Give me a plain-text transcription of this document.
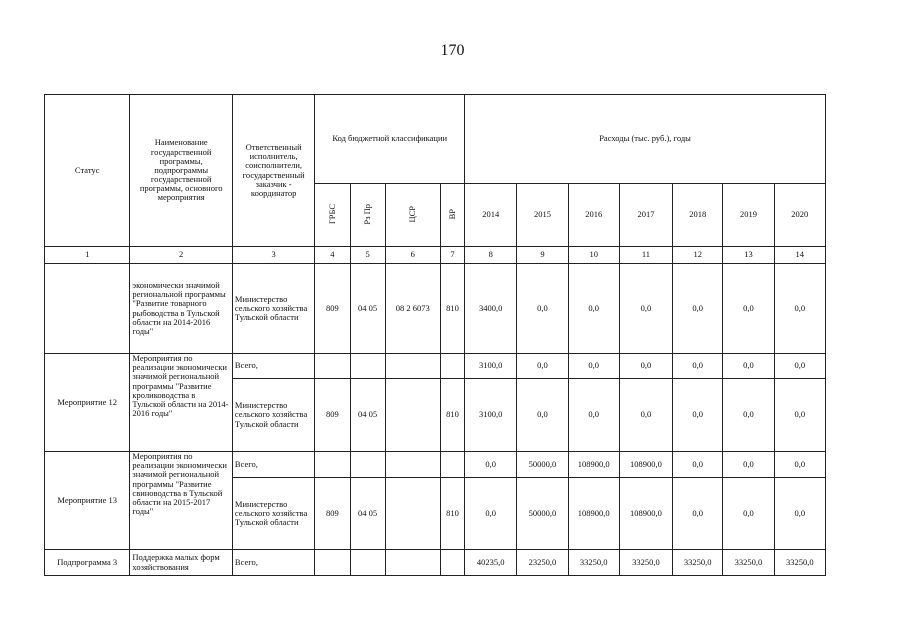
170
Статус	Наименование государственной программы, подпрограммы государственной программы, основного мероприятия	Ответственный исполнитель, соисполнители, государственный заказчик - координатор	Код бюджетной классификации				Расходы (тыс. руб.), годы						
			ГРБС	Рз Пр	ЦСР	ВР	2014	2015	2016	2017	2018	2019	2020
1	2	3	4	5	6	7	8	9	10	11	12	13	14
	экономически значимой региональной программы "Развитие товарного рыбоводства в Тульской области на 2014-2016 годы"	Министерство сельского хозяйства Тульской области	809	04 05	08 2 6073	810	3400,0	0,0	0,0	0,0	0,0	0,0	0,0
Мероприятие 12	Мероприятия по реализации экономически значимой региональной программы "Развитие кролиководства в Тульской области на 2014-2016 годы"	Всего,					3100,0	0,0	0,0	0,0	0,0	0,0	0,0
		Министерство сельского хозяйства Тульской области	809	04 05		810	3100,0	0,0	0,0	0,0	0,0	0,0	0,0
Мероприятие 13	Мероприятия по реализации экономически значимой региональной программы "Развитие свиноводства в Тульской области на 2015-2017 годы"	Всего,					0,0	50000,0	108900,0	108900,0	0,0	0,0	0,0
		Министерство сельского хозяйства Тульской области	809	04 05		810	0,0	50000,0	108900,0	108900,0	0,0	0,0	0,0
Подпрограмма 3	Поддержка малых форм хозяйствования	Всего,					40235,0	23250,0	33250,0	33250,0	33250,0	33250,0	33250,0
